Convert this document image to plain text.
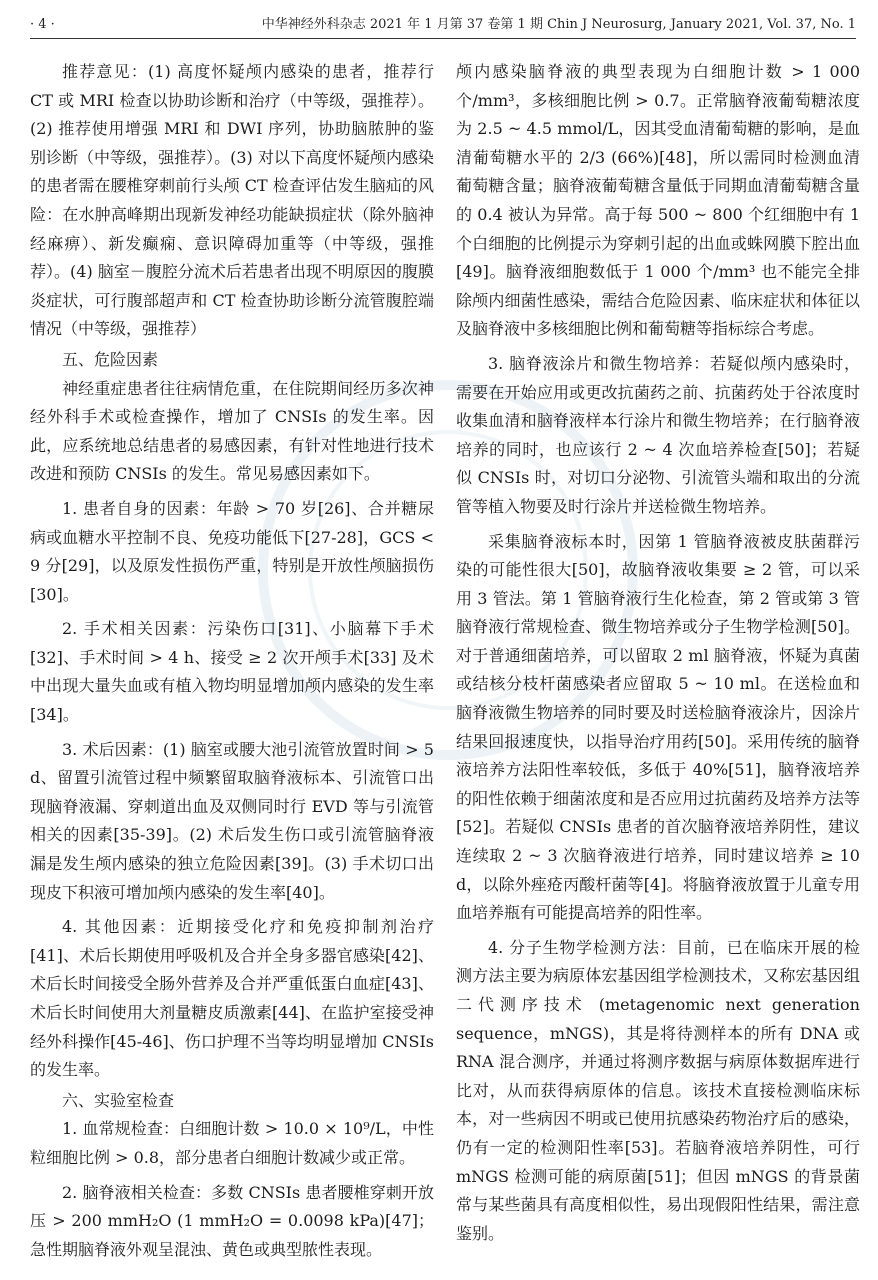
· 4 ·	中华神经外科杂志 2021 年 1 月第 37 卷第 1 期 Chin J Neurosurg, January 2021, Vol. 37, No. 1

推荐意见：(1) 高度怀疑颅内感染的患者，推荐行 CT 或 MRI 检查以协助诊断和治疗（中等级，强推荐）。(2) 推荐使用增强 MRI 和 DWI 序列，协助脑脓肿的鉴别诊断（中等级，强推荐）。(3) 对以下高度怀疑颅内感染的患者需在腰椎穿刺前行头颅 CT 检查评估发生脑疝的风险：在水肿高峰期出现新发神经功能缺损症状（除外脑神经麻痹）、新发癫痫、意识障碍加重等（中等级，强推荐）。(4) 脑室－腹腔分流术后若患者出现不明原因的腹膜炎症状，可行腹部超声和 CT 检查协助诊断分流管腹腔端情况（中等级，强推荐）

五、危险因素

神经重症患者往往病情危重，在住院期间经历多次神经外科手术或检查操作，增加了 CNSIs 的发生率。因此，应系统地总结患者的易感因素，有针对性地进行技术改进和预防 CNSIs 的发生。常见易感因素如下。

1. 患者自身的因素：年龄 > 70 岁[26]、合并糖尿病或血糖水平控制不良、免疫功能低下[27-28]，GCS < 9 分[29]，以及原发性损伤严重，特别是开放性颅脑损伤[30]。

2. 手术相关因素：污染伤口[31]、小脑幕下手术[32]、手术时间 > 4 h、接受 ≥ 2 次开颅手术[33] 及术中出现大量失血或有植入物均明显增加颅内感染的发生率[34]。

3. 术后因素：(1) 脑室或腰大池引流管放置时间 > 5 d、留置引流管过程中频繁留取脑脊液标本、引流管口出现脑脊液漏、穿刺道出血及双侧同时行 EVD 等与引流管相关的因素[35-39]。(2) 术后发生伤口或引流管脑脊液漏是发生颅内感染的独立危险因素[39]。(3) 手术切口出现皮下积液可增加颅内感染的发生率[40]。

4. 其他因素：近期接受化疗和免疫抑制剂治疗[41]、术后长期使用呼吸机及合并全身多器官感染[42]、术后长时间接受全肠外营养及合并严重低蛋白血症[43]、术后长时间使用大剂量糖皮质激素[44]、在监护室接受神经外科操作[45-46]、伤口护理不当等均明显增加 CNSIs 的发生率。

六、实验室检查

1. 血常规检查：白细胞计数 > 10.0 × 10⁹/L，中性粒细胞比例 > 0.8，部分患者白细胞计数减少或正常。

2. 脑脊液相关检查：多数 CNSIs 患者腰椎穿刺开放压 > 200 mmH₂O (1 mmH₂O = 0.0098 kPa)[47]；急性期脑脊液外观呈混浊、黄色或典型脓性表现。

颅内感染脑脊液的典型表现为白细胞计数 > 1 000 个/mm³，多核细胞比例 > 0.7。正常脑脊液葡萄糖浓度为 2.5 ~ 4.5 mmol/L，因其受血清葡萄糖的影响，是血清葡萄糖水平的 2/3 (66%)[48]，所以需同时检测血清葡萄糖含量；脑脊液葡萄糖含量低于同期血清葡萄糖含量的 0.4 被认为异常。高于每 500 ~ 800 个红细胞中有 1 个白细胞的比例提示为穿刺引起的出血或蛛网膜下腔出血[49]。脑脊液细胞数低于 1 000 个/mm³ 也不能完全排除颅内细菌性感染，需结合危险因素、临床症状和体征以及脑脊液中多核细胞比例和葡萄糖等指标综合考虑。

3. 脑脊液涂片和微生物培养：若疑似颅内感染时，需要在开始应用或更改抗菌药之前、抗菌药处于谷浓度时收集血清和脑脊液样本行涂片和微生物培养；在行脑脊液培养的同时，也应该行 2 ~ 4 次血培养检查[50]；若疑似 CNSIs 时，对切口分泌物、引流管头端和取出的分流管等植入物要及时行涂片并送检微生物培养。

采集脑脊液标本时，因第 1 管脑脊液被皮肤菌群污染的可能性很大[50]，故脑脊液收集要 ≥ 2 管，可以采用 3 管法。第 1 管脑脊液行生化检查，第 2 管或第 3 管脑脊液行常规检查、微生物培养或分子生物学检测[50]。对于普通细菌培养，可以留取 2 ml 脑脊液，怀疑为真菌或结核分枝杆菌感染者应留取 5 ~ 10 ml。在送检血和脑脊液微生物培养的同时要及时送检脑脊液涂片，因涂片结果回报速度快，以指导治疗用药[50]。采用传统的脑脊液培养方法阳性率较低，多低于 40%[51]，脑脊液培养的阳性依赖于细菌浓度和是否应用过抗菌药及培养方法等[52]。若疑似 CNSIs 患者的首次脑脊液培养阴性，建议连续取 2 ~ 3 次脑脊液进行培养，同时建议培养 ≥ 10 d，以除外痤疮丙酸杆菌等[4]。将脑脊液放置于儿童专用血培养瓶有可能提高培养的阳性率。

4. 分子生物学检测方法：目前，已在临床开展的检测方法主要为病原体宏基因组学检测技术，又称宏基因组二代测序技术 (metagenomic next generation sequence，mNGS)，其是将待测样本的所有 DNA 或 RNA 混合测序，并通过将测序数据与病原体数据库进行比对，从而获得病原体的信息。该技术直接检测临床标本，对一些病因不明或已使用抗感染药物治疗后的感染，仍有一定的检测阳性率[53]。若脑脊液培养阴性，可行 mNGS 检测可能的病原菌[51]；但因 mNGS 的背景菌常与某些菌具有高度相似性，易出现假阳性结果，需注意鉴别。
